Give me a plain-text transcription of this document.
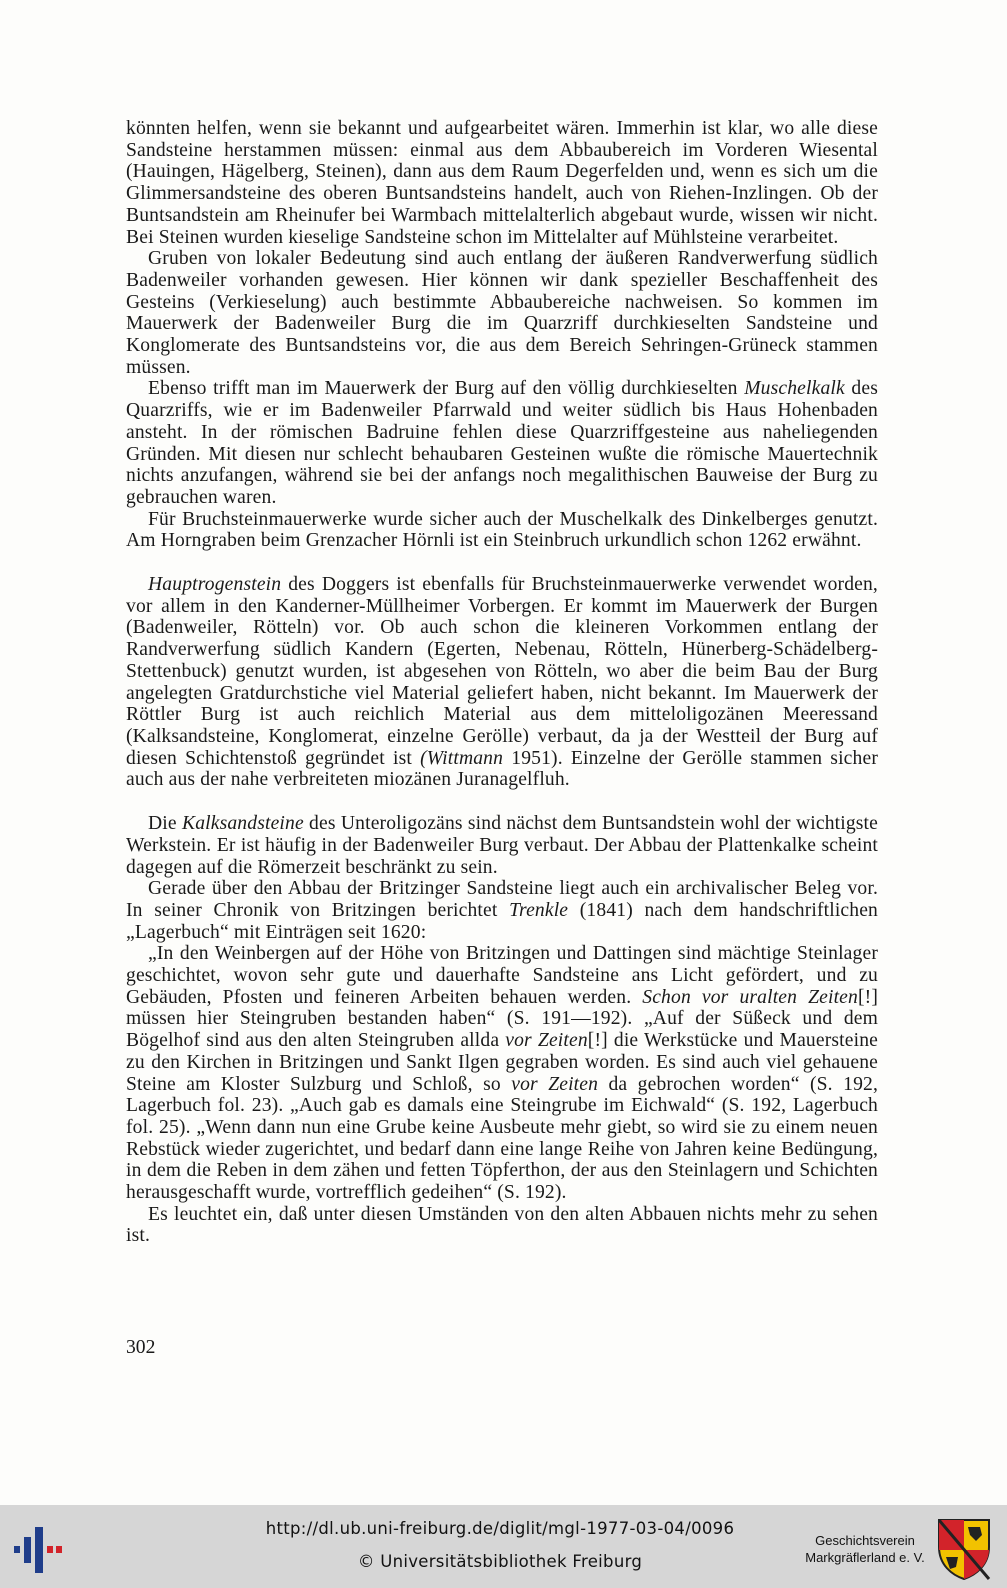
könnten helfen, wenn sie bekannt und aufgearbeitet wären. Immerhin ist klar, wo alle diese Sandsteine herstammen müssen: einmal aus dem Abbaubereich im Vorderen Wiesental (Hauingen, Hägelberg, Steinen), dann aus dem Raum Degerfelden und, wenn es sich um die Glimmersandsteine des oberen Buntsandsteins handelt, auch von Riehen-Inzlingen. Ob der Buntsandstein am Rheinufer bei Warmbach mittelalterlich abgebaut wurde, wissen wir nicht. Bei Steinen wurden kieselige Sandsteine schon im Mittelalter auf Mühlsteine verarbeitet.

Gruben von lokaler Bedeutung sind auch entlang der äußeren Randverwerfung südlich Badenweiler vorhanden gewesen. Hier können wir dank spezieller Beschaffenheit des Gesteins (Verkieselung) auch bestimmte Abbaubereiche nachweisen. So kommen im Mauerwerk der Badenweiler Burg die im Quarzriff durchkieselten Sandsteine und Konglomerate des Buntsandsteins vor, die aus dem Bereich Sehringen-Grüneck stammen müssen.

Ebenso trifft man im Mauerwerk der Burg auf den völlig durchkieselten Muschelkalk des Quarzriffs, wie er im Badenweiler Pfarrwald und weiter südlich bis Haus Hohenbaden ansteht. In der römischen Badruine fehlen diese Quarzriffgesteine aus naheliegenden Gründen. Mit diesen nur schlecht behaubaren Gesteinen wußte die römische Mauertechnik nichts anzufangen, während sie bei der anfangs noch megalithischen Bauweise der Burg zu gebrauchen waren.

Für Bruchsteinmauerwerke wurde sicher auch der Muschelkalk des Dinkelberges genutzt. Am Horngraben beim Grenzacher Hörnli ist ein Steinbruch urkundlich schon 1262 erwähnt.

Hauptrogenstein des Doggers ist ebenfalls für Bruchsteinmauerwerke verwendet worden, vor allem in den Kanderner-Müllheimer Vorbergen. Er kommt im Mauerwerk der Burgen (Badenweiler, Rötteln) vor. Ob auch schon die kleineren Vorkommen entlang der Randverwerfung südlich Kandern (Egerten, Nebenau, Rötteln, Hünerberg-Schädelberg-Stettenbuck) genutzt wurden, ist abgesehen von Rötteln, wo aber die beim Bau der Burg angelegten Gratdurchstiche viel Material geliefert haben, nicht bekannt. Im Mauerwerk der Röttler Burg ist auch reichlich Material aus dem mitteloligozänen Meeressand (Kalksandsteine, Konglomerat, einzelne Gerölle) verbaut, da ja der Westteil der Burg auf diesen Schichtenstoß gegründet ist (Wittmann 1951). Einzelne der Gerölle stammen sicher auch aus der nahe verbreiteten miozänen Juranagelfluh.

Die Kalksandsteine des Unteroligozäns sind nächst dem Buntsandstein wohl der wichtigste Werkstein. Er ist häufig in der Badenweiler Burg verbaut. Der Abbau der Plattenkalke scheint dagegen auf die Römerzeit beschränkt zu sein.

Gerade über den Abbau der Britzinger Sandsteine liegt auch ein archivalischer Beleg vor. In seiner Chronik von Britzingen berichtet Trenkle (1841) nach dem handschriftlichen „Lagerbuch“ mit Einträgen seit 1620:

„In den Weinbergen auf der Höhe von Britzingen und Dattingen sind mächtige Steinlager geschichtet, wovon sehr gute und dauerhafte Sandsteine ans Licht gefördert, und zu Gebäuden, Pfosten und feineren Arbeiten behauen werden. Schon vor uralten Zeiten[!] müssen hier Steingruben bestanden haben“ (S. 191—192). „Auf der Süßeck und dem Bögelhof sind aus den alten Steingruben allda vor Zeiten[!] die Werkstücke und Mauersteine zu den Kirchen in Britzingen und Sankt Ilgen gegraben worden. Es sind auch viel gehauene Steine am Kloster Sulzburg und Schloß, so vor Zeiten da gebrochen worden“ (S. 192, Lagerbuch fol. 23). „Auch gab es damals eine Steingrube im Eichwald“ (S. 192, Lagerbuch fol. 25). „Wenn dann nun eine Grube keine Ausbeute mehr giebt, so wird sie zu einem neuen Rebstück wieder zugerichtet, und bedarf dann eine lange Reihe von Jahren keine Bedüngung, in dem die Reben in dem zähen und fetten Töpferthon, der aus den Steinlagern und Schichten herausgeschafft wurde, vortrefflich gedeihen“ (S. 192).

Es leuchtet ein, daß unter diesen Umständen von den alten Abbauen nichts mehr zu sehen ist.

302
http://dl.ub.uni-freiburg.de/diglit/mgl-1977-03-04/0096
© Universitätsbibliothek Freiburg
Geschichtsverein
Markgräflerland e. V.
